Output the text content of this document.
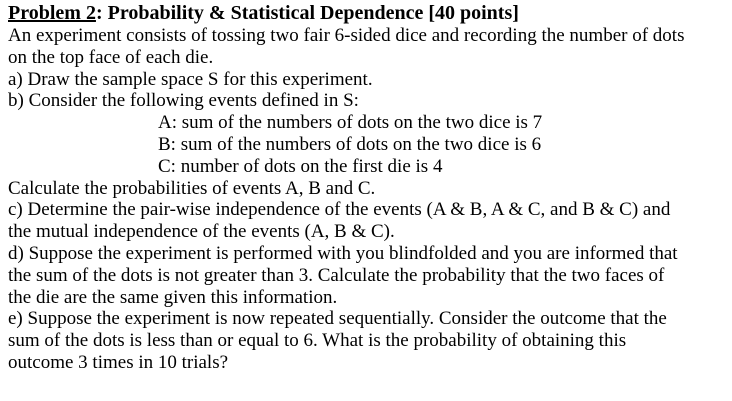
Problem 2: Probability & Statistical Dependence [40 points]
An experiment consists of tossing two fair 6-sided dice and recording the number of dots
on the top face of each die.
a) Draw the sample space S for this experiment.
b) Consider the following events defined in S:
A: sum of the numbers of dots on the two dice is 7
B: sum of the numbers of dots on the two dice is 6
C: number of dots on the first die is 4
Calculate the probabilities of events A, B and C.
c) Determine the pair-wise independence of the events (A & B, A & C, and B & C) and
the mutual independence of the events (A, B & C).
d) Suppose the experiment is performed with you blindfolded and you are informed that
the sum of the dots is not greater than 3. Calculate the probability that the two faces of
the die are the same given this information.
e) Suppose the experiment is now repeated sequentially. Consider the outcome that the
sum of the dots is less than or equal to 6. What is the probability of obtaining this
outcome 3 times in 10 trials?
